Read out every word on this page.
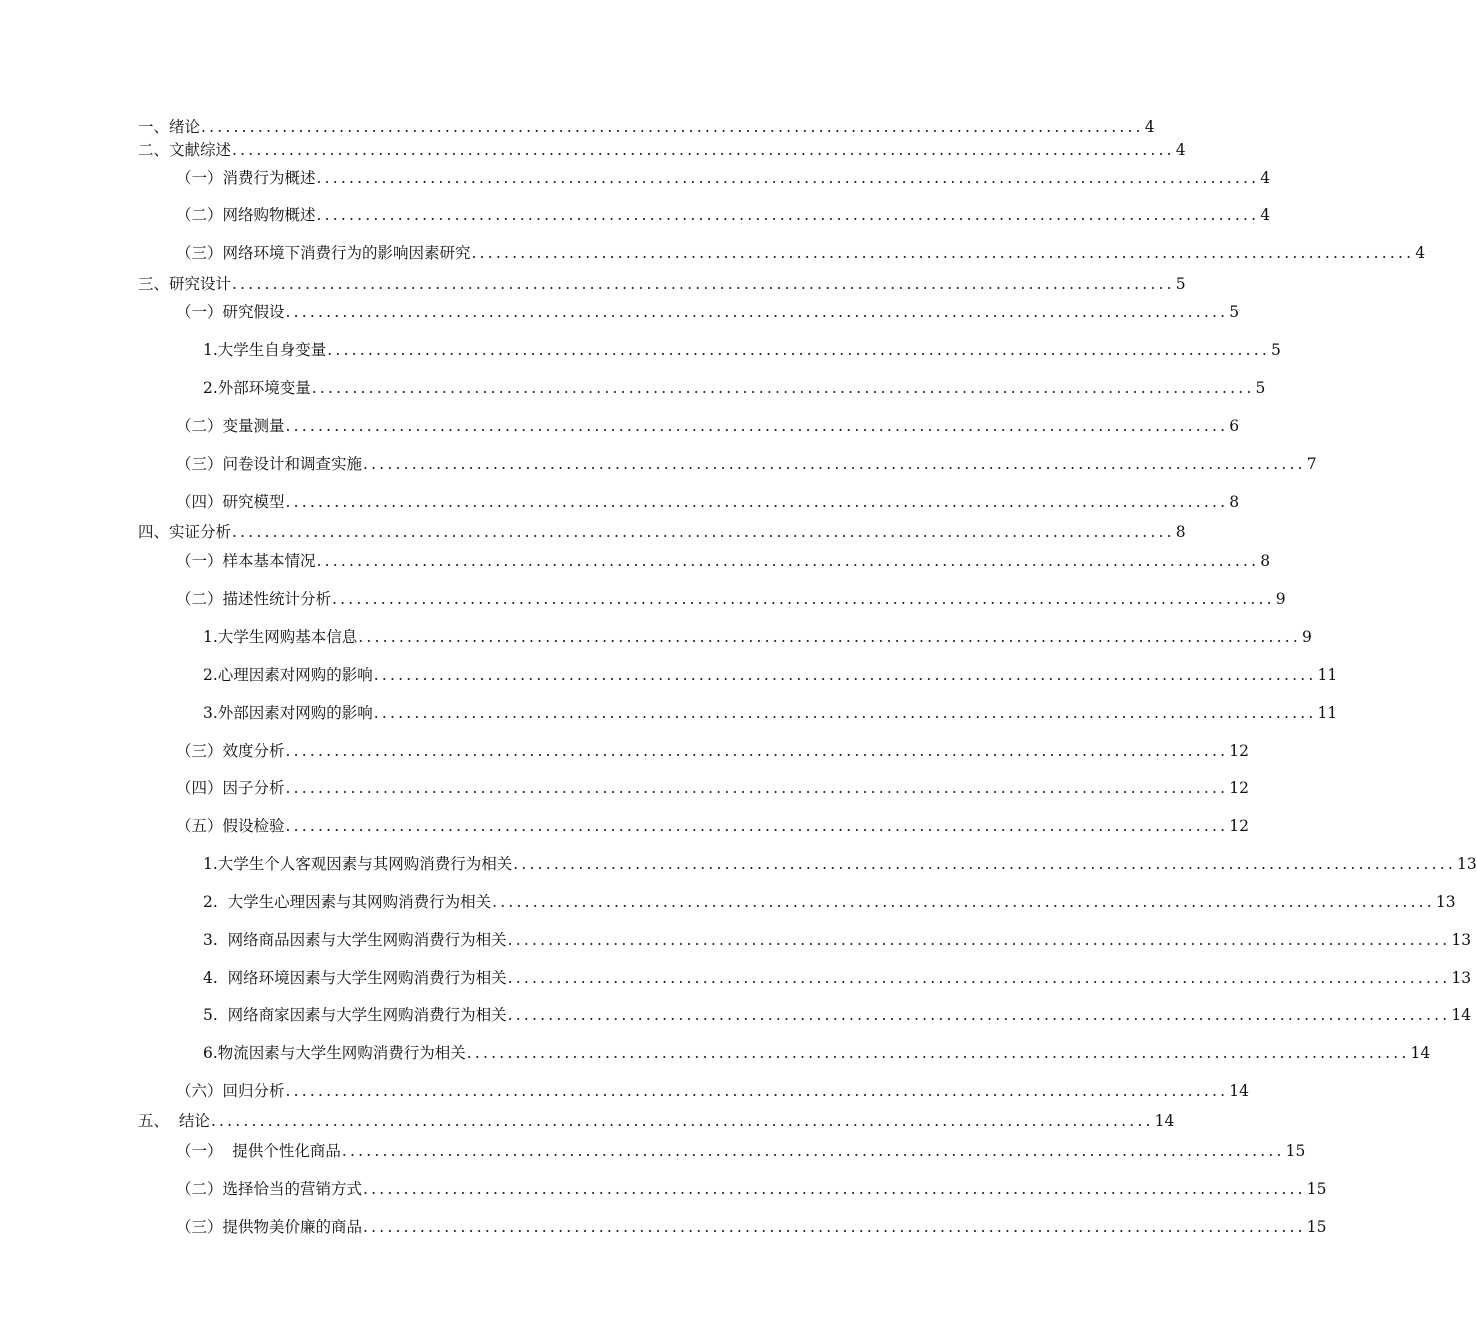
一、绪论 .................................................................................................................... 4
二、文献综述 .................................................................................................................... 4
（一）消费行为概述 .................................................................................................................... 4
（二）网络购物概述 .................................................................................................................... 4
（三）网络环境下消费行为的影响因素研究 .................................................................................................................... 4
三、研究设计 .................................................................................................................... 5
（一）研究假设 .................................................................................................................... 5
1.大学生自身变量 .................................................................................................................... 5
2.外部环境变量 .................................................................................................................... 5
（二）变量测量 .................................................................................................................... 6
（三）问卷设计和调查实施 .................................................................................................................... 7
（四）研究模型 .................................................................................................................... 8
四、实证分析 .................................................................................................................... 8
（一）样本基本情况 .................................................................................................................... 8
（二）描述性统计分析 .................................................................................................................... 9
1.大学生网购基本信息 .................................................................................................................... 9
2.心理因素对网购的影响 .................................................................................................................... 11
3.外部因素对网购的影响 .................................................................................................................... 11
（三）效度分析 .................................................................................................................... 12
（四）因子分析 .................................................................................................................... 12
（五）假设检验 .................................................................................................................... 12
1.大学生个人客观因素与其网购消费行为相关 .................................................................................................................... 13
2.  大学生心理因素与其网购消费行为相关 .................................................................................................................... 13
3.  网络商品因素与大学生网购消费行为相关 .................................................................................................................... 13
4.  网络环境因素与大学生网购消费行为相关 .................................................................................................................... 13
5.  网络商家因素与大学生网购消费行为相关 .................................................................................................................... 14
6.物流因素与大学生网购消费行为相关 .................................................................................................................... 14
（六）回归分析 .................................................................................................................... 14
五、  结论 .................................................................................................................... 14
（一）  提供个性化商品 .................................................................................................................... 15
（二）选择恰当的营销方式 .................................................................................................................... 15
（三）提供物美价廉的商品 .................................................................................................................... 15
